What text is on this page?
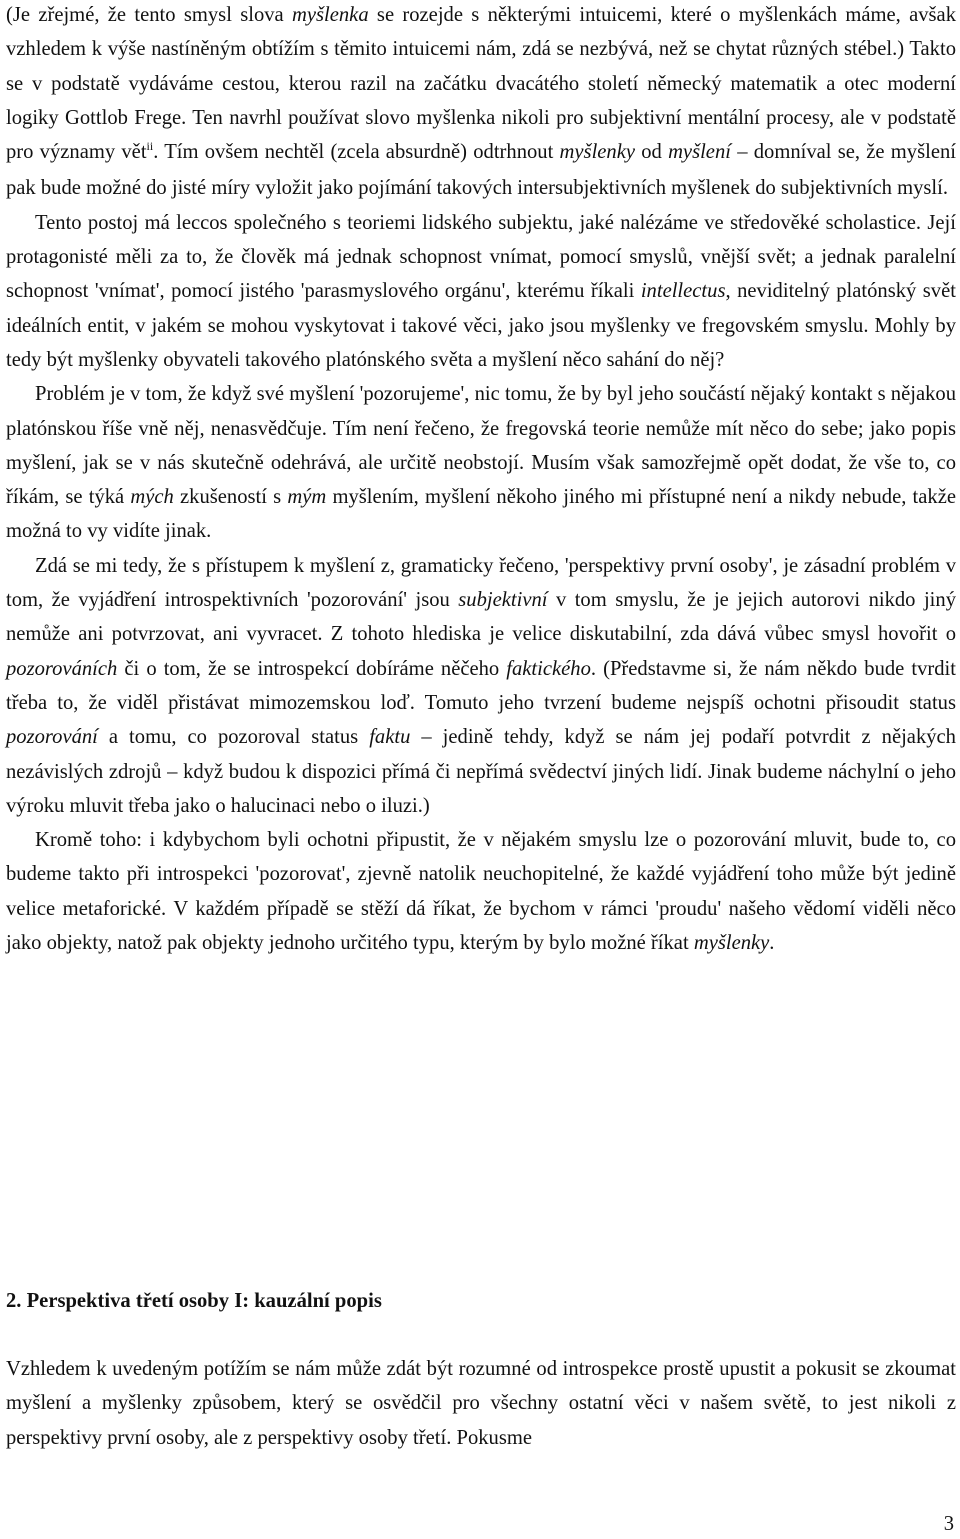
(Je zřejmé, že tento smysl slova myšlenka se rozejde s některými intuicemi, které o myšlenkách máme, avšak vzhledem k výše nastíněným obtížím s těmito intuicemi nám, zdá se nezbývá, než se chytat různých stébel.) Takto se v podstatě vydáváme cestou, kterou razil na začátku dvacátého století německý matematik a otec moderní logiky Gottlob Frege. Ten navrhl používat slovo myšlenka nikoli pro subjektivní mentální procesy, ale v podstatě pro významy vět$^{ii}$. Tím ovšem nechtěl (zcela absurdně) odtrhnout myšlenky od myšlení – domníval se, že myšlení pak bude možné do jisté míry vyložit jako pojímání takových intersubjektivních myšlenek do subjektivních myslí.

Tento postoj má leccos společného s teoriemi lidského subjektu, jaké nalézáme ve středověké scholastice. Její protagonisté měli za to, že člověk má jednak schopnost vnímat, pomocí smyslů, vnější svět; a jednak paralelní schopnost 'vnímat', pomocí jistého 'parasmyslového orgánu', kterému říkali intellectus, neviditelný platónský svět ideálních entit, v jakém se mohou vyskytovat i takové věci, jako jsou myšlenky ve fregovském smyslu. Mohly by tedy být myšlenky obyvateli takového platónského světa a myšlení něco sahání do něj?

Problém je v tom, že když své myšlení 'pozorujeme', nic tomu, že by byl jeho součástí nějaký kontakt s nějakou platónskou říše vně něj, nenasvědčuje. Tím není řečeno, že fregovská teorie nemůže mít něco do sebe; jako popis myšlení, jak se v nás skutečně odehrává, ale určitě neobstojí. Musím však samozřejmě opět dodat, že vše to, co říkám, se týká mých zkušeností s mým myšlením, myšlení někoho jiného mi přístupné není a nikdy nebude, takže možná to vy vidíte jinak.

Zdá se mi tedy, že s přístupem k myšlení z, gramaticky řečeno, 'perspektivy první osoby', je zásadní problém v tom, že vyjádření introspektivních 'pozorování' jsou subjektivní v tom smyslu, že je jejich autorovi nikdo jiný nemůže ani potvrzovat, ani vyvracet. Z tohoto hlediska je velice diskutabilní, zda dává vůbec smysl hovořit o pozorováních či o tom, že se introspekcí dobíráme něčeho faktického. (Představme si, že nám někdo bude tvrdit třeba to, že viděl přistávat mimozemskou loď. Tomuto jeho tvrzení budeme nejspíš ochotni přisoudit status pozorování a tomu, co pozoroval status faktu – jedině tehdy, když se nám jej podaří potvrdit z nějakých nezávislých zdrojů – když budou k dispozici přímá či nepřímá svědectví jiných lidí. Jinak budeme náchylní o jeho výroku mluvit třeba jako o halucinaci nebo o iluzi.)

Kromě toho: i kdybychom byli ochotni připustit, že v nějakém smyslu lze o pozorování mluvit, bude to, co budeme takto při introspekci 'pozorovat', zjevně natolik neuchopitelné, že každé vyjádření toho může být jedině velice metaforické. V každém případě se stěží dá říkat, že bychom v rámci 'proudu' našeho vědomí viděli něco jako objekty, natož pak objekty jednoho určitého typu, kterým by bylo možné říkat myšlenky.

2. Perspektiva třetí osoby I: kauzální popis

Vzhledem k uvedeným potížím se nám může zdát být rozumné od introspekce prostě upustit a pokusit se zkoumat myšlení a myšlenky způsobem, který se osvědčil pro všechny ostatní věci v našem světě, to jest nikoli z perspektivy první osoby, ale z perspektivy osoby třetí. Pokusme

3
